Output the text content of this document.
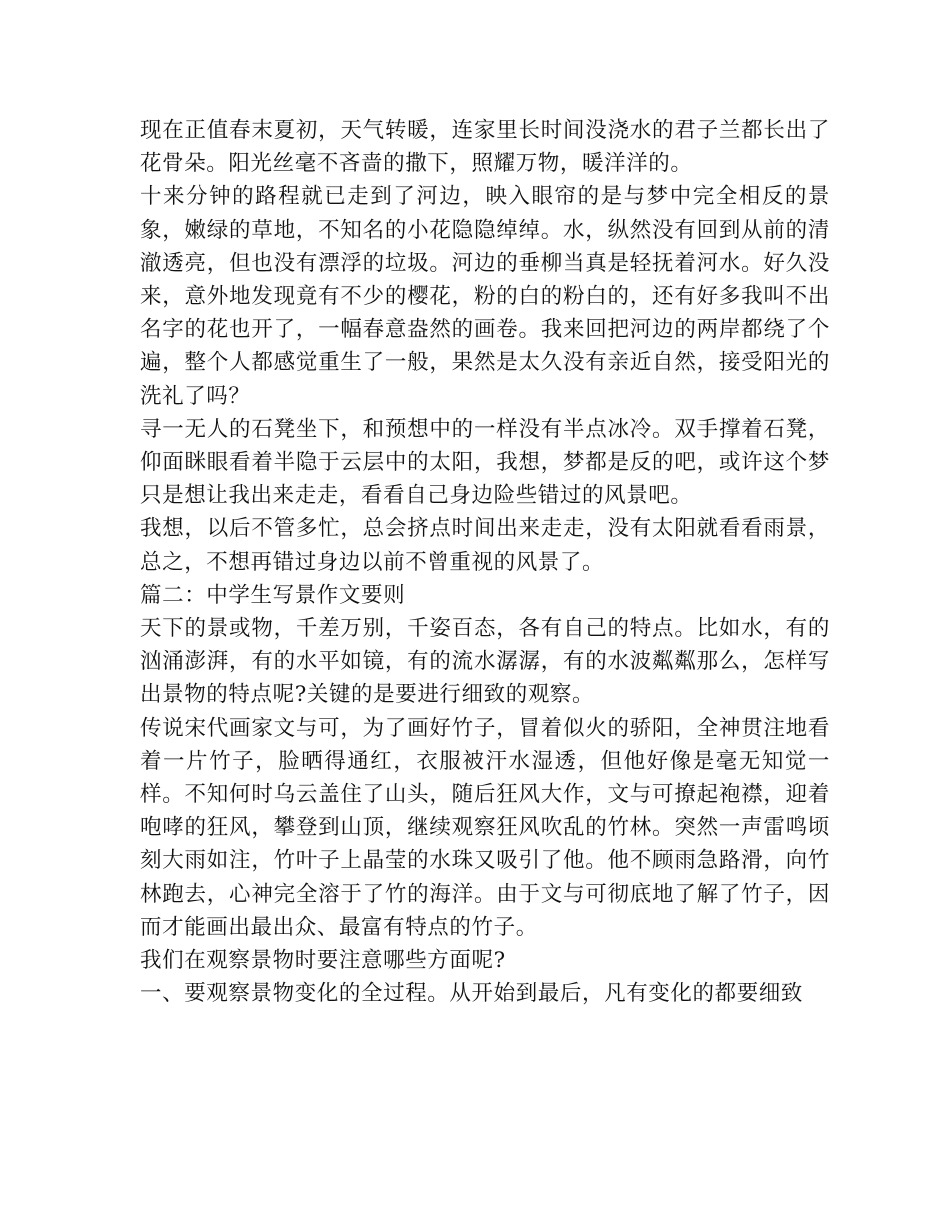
现在正值春末夏初，天气转暖，连家里长时间没浇水的君子兰都长出了花骨朵。阳光丝毫不吝啬的撒下，照耀万物，暖洋洋的。

十来分钟的路程就已走到了河边，映入眼帘的是与梦中完全相反的景象，嫩绿的草地，不知名的小花隐隐绰绰。水，纵然没有回到从前的清澈透亮，但也没有漂浮的垃圾。河边的垂柳当真是轻抚着河水。好久没来，意外地发现竟有不少的樱花，粉的白的粉白的，还有好多我叫不出名字的花也开了，一幅春意盎然的画卷。我来回把河边的两岸都绕了个遍，整个人都感觉重生了一般，果然是太久没有亲近自然，接受阳光的洗礼了吗？

寻一无人的石凳坐下，和预想中的一样没有半点冰冷。双手撑着石凳，仰面眯眼看着半隐于云层中的太阳，我想，梦都是反的吧，或许这个梦只是想让我出来走走，看看自己身边险些错过的风景吧。

我想，以后不管多忙，总会挤点时间出来走走，没有太阳就看看雨景，总之，不想再错过身边以前不曾重视的风景了。

篇二：中学生写景作文要则

天下的景或物，千差万别，千姿百态，各有自己的特点。比如水，有的汹涌澎湃，有的水平如镜，有的流水潺潺，有的水波粼粼那么，怎样写出景物的特点呢?关键的是要进行细致的观察。

传说宋代画家文与可，为了画好竹子，冒着似火的骄阳，全神贯注地看着一片竹子，脸晒得通红，衣服被汗水湿透，但他好像是毫无知觉一样。不知何时乌云盖住了山头，随后狂风大作，文与可撩起袍襟，迎着咆哮的狂风，攀登到山顶，继续观察狂风吹乱的竹林。突然一声雷鸣顷刻大雨如注，竹叶子上晶莹的水珠又吸引了他。他不顾雨急路滑，向竹林跑去，心神完全溶于了竹的海洋。由于文与可彻底地了解了竹子，因而才能画出最出众、最富有特点的竹子。

我们在观察景物时要注意哪些方面呢?

一、要观察景物变化的全过程。从开始到最后，凡有变化的都要细致
